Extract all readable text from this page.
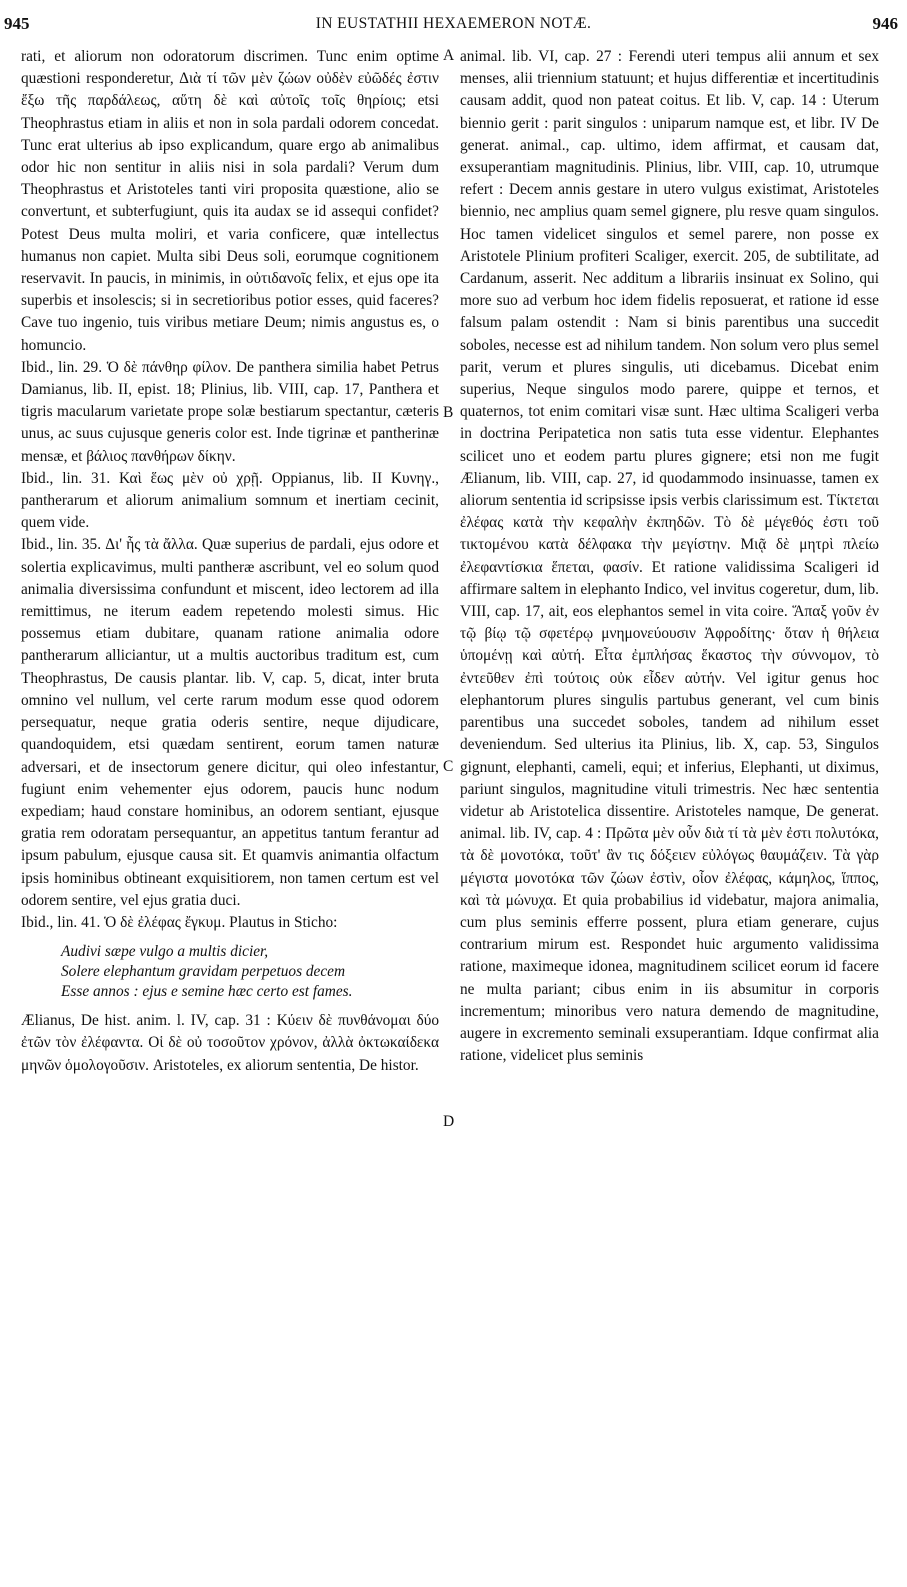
945	IN EUSTATHII HEXAEMERON NOTÆ.	946
A
B
C
D

rati, et aliorum non odoratorum discrimen. Tunc enim optime quæstioni responderetur, Διὰ τί τῶν μὲν ζώων οὐδὲν εὐῶδές ἐστιν ἔξω τῆς παρδάλεως, αὕτη δὲ καὶ αὐτοῖς τοῖς θηρίοις; etsi Theophrastus etiam in aliis et non in sola pardali odorem concedat. Tunc erat ulterius ab ipso explicandum, quare ergo ab animalibus odor hic non sentitur in aliis nisi in sola pardali? Verum dum Theophrastus et Aristoteles tanti viri proposita quæstione, alio se convertunt, et subterfugiunt, quis ita audax se id assequi confidet? Potest Deus multa moliri, et varia conficere, quæ intellectus humanus non capiet. Multa sibi Deus soli, eorumque cognitionem reservavit. In paucis, in minimis, in οὐτιδανοῖς felix, et ejus ope ita superbis et insolescis; si in secretioribus potior esses, quid faceres? Cave tuo ingenio, tuis viribus metiare Deum; nimis angustus es, o homuncio.

Ibid., lin. 29. Ὁ δὲ πάνθηρ φίλον. De panthera similia habet Petrus Damianus, lib. II, epist. 18; Plinius, lib. VIII, cap. 17, Panthera et tigris macularum varietate prope solæ bestiarum spectantur, cæteris unus, ac suus cujusque generis color est. Inde tigrinæ et pantherinæ mensæ, et βάλιος πανθήρων δίκην.

Ibid., lin. 31. Καὶ ἕως μὲν οὐ χρῇ. Oppianus, lib. II Κυνηγ., pantherarum et aliorum animalium somnum et inertiam cecinit, quem vide.

Ibid., lin. 35. Δι' ἧς τὰ ἄλλα. Quæ superius de pardali, ejus odore et solertia explicavimus, multi pantheræ ascribunt, vel eo solum quod animalia diversissima confundunt et miscent, ideo lectorem ad illa remittimus, ne iterum eadem repetendo molesti simus. Hic possemus etiam dubitare, quanam ratione animalia odore pantherarum alliciantur, ut a multis auctoribus traditum est, cum Theophrastus, De causis plantar. lib. V, cap. 5, dicat, inter bruta omnino vel nullum, vel certe rarum modum esse quod odorem persequatur, neque gratia oderis sentire, neque dijudicare, quandoquidem, etsi quædam sentirent, eorum tamen naturæ adversari, et de insectorum genere dicitur, qui oleo infestantur, fugiunt enim vehementer ejus odorem, paucis hunc nodum expediam; haud constare hominibus, an odorem sentiant, ejusque gratia rem odoratam persequantur, an appetitus tantum ferantur ad ipsum pabulum, ejusque causa sit. Et quamvis animantia olfactum ipsis hominibus obtineant exquisitiorem, non tamen certum est vel odorem sentire, vel ejus gratia duci.

Ibid., lin. 41. Ὁ δὲ ἐλέφας ἔγκυμ. Plautus in Sticho:

Audivi sæpe vulgo a multis dicier,
Solere elephantum gravidam perpetuos decem
Esse annos : ejus e semine hæc certo est fames.

Ælianus, De hist. anim. l. IV, cap. 31 : Κύειν δὲ πυνθάνομαι δύο ἐτῶν τὸν ἐλέφαντα. Οἱ δὲ οὐ τοσοῦτον χρόνον, ἀλλὰ ὀκτωκαίδεκα μηνῶν ὁμολογοῦσιν. Aristoteles, ex aliorum sententia, De histor.

animal. lib. VI, cap. 27 : Ferendi uteri tempus alii annum et sex menses, alii triennium statuunt; et hujus differentiæ et incertitudinis causam addit, quod non pateat coitus. Et lib. V, cap. 14 : Uterum biennio gerit : parit singulos : uniparum namque est, et libr. IV De generat. animal., cap. ultimo, idem affirmat, et causam dat, exsuperantiam magnitudinis. Plinius, libr. VIII, cap. 10, utrumque refert : Decem annis gestare in utero vulgus existimat, Aristoteles biennio, nec amplius quam semel gignere, plu resve quam singulos. Hoc tamen videlicet singulos et semel parere, non posse ex Aristotele Plinium profiteri Scaliger, exercit. 205, de subtilitate, ad Cardanum, asserit. Nec additum a librariis insinuat ex Solino, qui more suo ad verbum hoc idem fidelis reposuerat, et ratione id esse falsum palam ostendit : Nam si binis parentibus una succedit soboles, necesse est ad nihilum tandem. Non solum vero plus semel parit, verum et plures singulis, uti dicebamus. Dicebat enim superius, Neque singulos modo parere, quippe et ternos, et quaternos, tot enim comitari visæ sunt. Hæc ultima Scaligeri verba in doctrina Peripatetica non satis tuta esse videntur. Elephantes scilicet uno et eodem partu plures gignere; etsi non me fugit Ælianum, lib. VIII, cap. 27, id quodammodo insinuasse, tamen ex aliorum sententia id scripsisse ipsis verbis clarissimum est. Τίκτεται ἐλέφας κατὰ τὴν κεφαλὴν ἐκπηδῶν. Τὸ δὲ μέγεθός ἐστι τοῦ τικτομένου κατὰ δέλφακα τὴν μεγίστην. Μιᾷ δὲ μητρὶ πλείω ἐλεφαντίσκια ἕπεται, φασίν. Et ratione validissima Scaligeri id affirmare saltem in elephanto Indico, vel invitus cogeretur, dum, lib. VIII, cap. 17, ait, eos elephantos semel in vita coire. Ἅπαξ γοῦν ἐν τῷ βίῳ τῷ σφετέρῳ μνημονεύουσιν Ἀφροδίτης· ὅταν ἡ θήλεια ὑπομένῃ καὶ αὐτή. Εἶτα ἐμπλήσας ἕκαστος τὴν σύννομον, τὸ ἐντεῦθεν ἐπὶ τούτοις οὐκ εἶδεν αὐτήν. Vel igitur genus hoc elephantorum plures singulis partubus generant, vel cum binis parentibus una succedet soboles, tandem ad nihilum esset deveniendum. Sed ulterius ita Plinius, lib. X, cap. 53, Singulos gignunt, elephanti, cameli, equi; et inferius, Elephanti, ut diximus, pariunt singulos, magnitudine vituli trimestris. Nec hæc sententia videtur ab Aristotelica dissentire. Aristoteles namque, De generat. animal. lib. IV, cap. 4 : Πρῶτα μὲν οὖν διὰ τί τὰ μὲν ἐστι πολυτόκα, τὰ δὲ μονοτόκα, τοῦτ' ἂν τις δόξειεν εὐλόγως θαυμάζειν. Τὰ γὰρ μέγιστα μονοτόκα τῶν ζώων ἐστὶν, οἷον ἐλέφας, κάμηλος, ἵππος, καὶ τὰ μώνυχα. Et quia probabilius id videbatur, majora animalia, cum plus seminis efferre possent, plura etiam generare, cujus contrarium mirum est. Respondet huic argumento validissima ratione, maximeque idonea, magnitudinem scilicet eorum id facere ne multa pariant; cibus enim in iis absumitur in corporis incrementum; minoribus vero natura demendo de magnitudine, augere in excremento seminali exsuperantiam. Idque confirmat alia ratione, videlicet plus seminis
